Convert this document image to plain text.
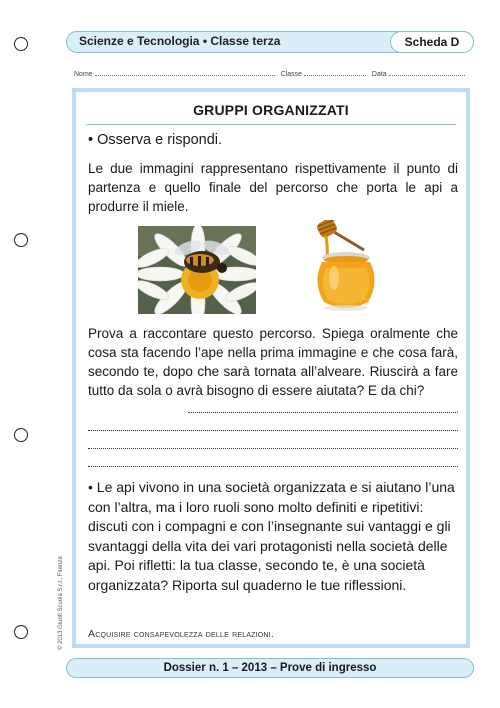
Scienze e Tecnologia • Classe terza	Scheda D
Nome	Classe	Data
GRUPPI ORGANIZZATI
• Osserva e rispondi.
Le due immagini rappresentano rispettivamente il punto di partenza e quello finale del percorso che porta le api a produrre il miele.
Prova a raccontare questo percorso. Spiega oralmente che cosa sta facendo l’ape nella prima immagine e che cosa farà, secondo te, dopo che sarà tornata all’alveare. Riuscirà a fare tutto da sola o avrà bisogno di essere aiutata? E da chi?
• Le api vivono in una società organizzata e si aiutano l’una con l’altra, ma i loro ruoli sono molto definiti e ripetitivi: discuti con i compagni e con l’insegnante sui vantaggi e gli svantaggi della vita dei vari protagonisti nella società delle api. Poi rifletti: la tua classe, secondo te, è una società organizzata? Riporta sul quaderno le tue riflessioni.
Acquisire consapevolezza delle relazioni.
© 2013 Giunti Scuola S.r.l., Firenze
Dossier n. 1 – 2013 – Prove di ingresso
